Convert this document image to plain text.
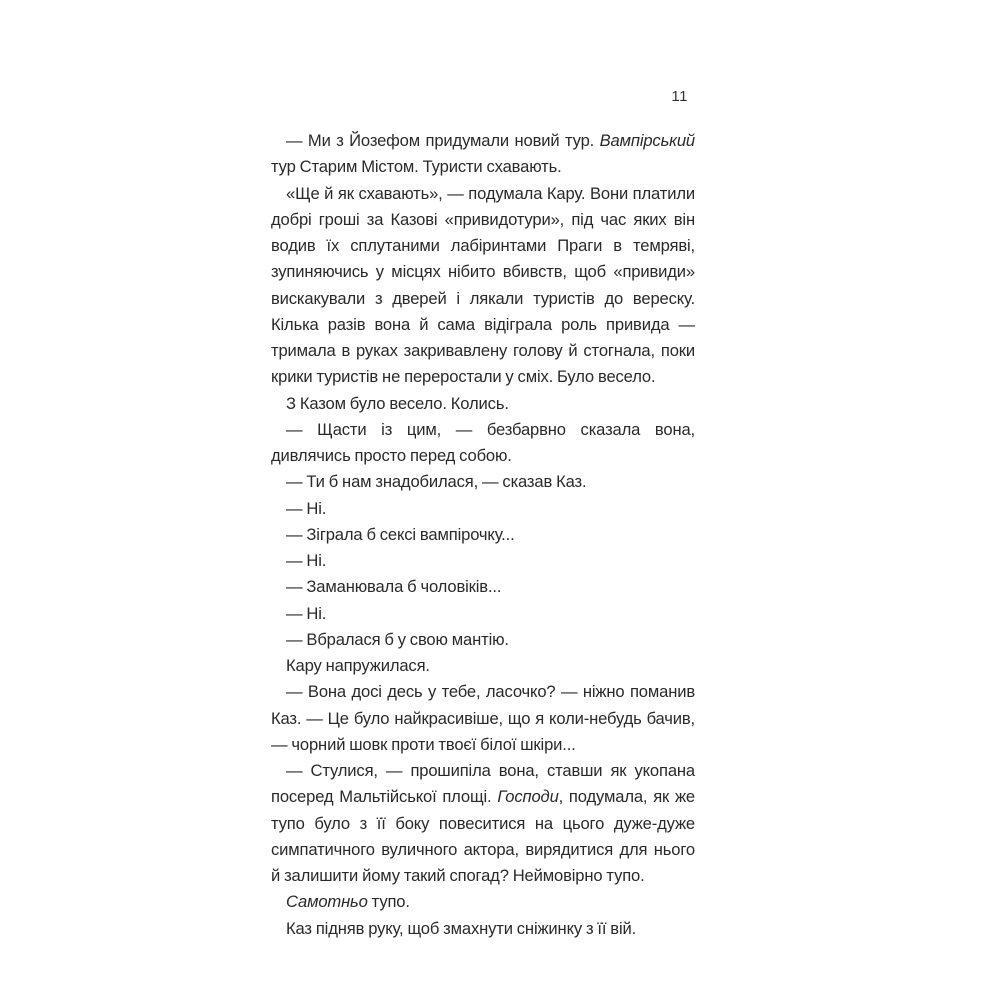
11

— Ми з Йозефом придумали новий тур. Вампірський тур Старим Містом. Туристи схавають.

«Ще й як схавають», — подумала Кару. Вони платили добрі гроші за Казові «привидотури», під час яких він водив їх сплутаними лабіринтами Праги в темряві, зупиняючись у місцях нібито вбивств, щоб «привиди» вискакували з дверей і лякали туристів до вереску. Кілька разів вона й сама відіграла роль привида — тримала в руках закривавлену голову й стогнала, поки крики туристів не переростали у сміх. Було весело.

З Казом було весело. Колись.

— Щасти із цим, — безбарвно сказала вона, дивлячись просто перед собою.

— Ти б нам знадобилася, — сказав Каз.

— Ні.

— Зіграла б сексі вампірочку...

— Ні.

— Заманювала б чоловіків...

— Ні.

— Вбралася б у свою мантію.

Кару напружилася.

— Вона досі десь у тебе, ласочко? — ніжно поманив Каз. — Це було найкрасивіше, що я коли-небудь бачив, — чорний шовк проти твоєї білої шкіри...

— Стулися, — прошипіла вона, ставши як укопана посеред Мальтійської площі. Господи, подумала, як же тупо було з її боку повеситися на цього дуже-дуже симпатичного вуличного актора, вирядитися для нього й залишити йому такий спогад? Неймовірно тупо.

Самотньо тупо.

Каз підняв руку, щоб змахнути сніжинку з її вій.
